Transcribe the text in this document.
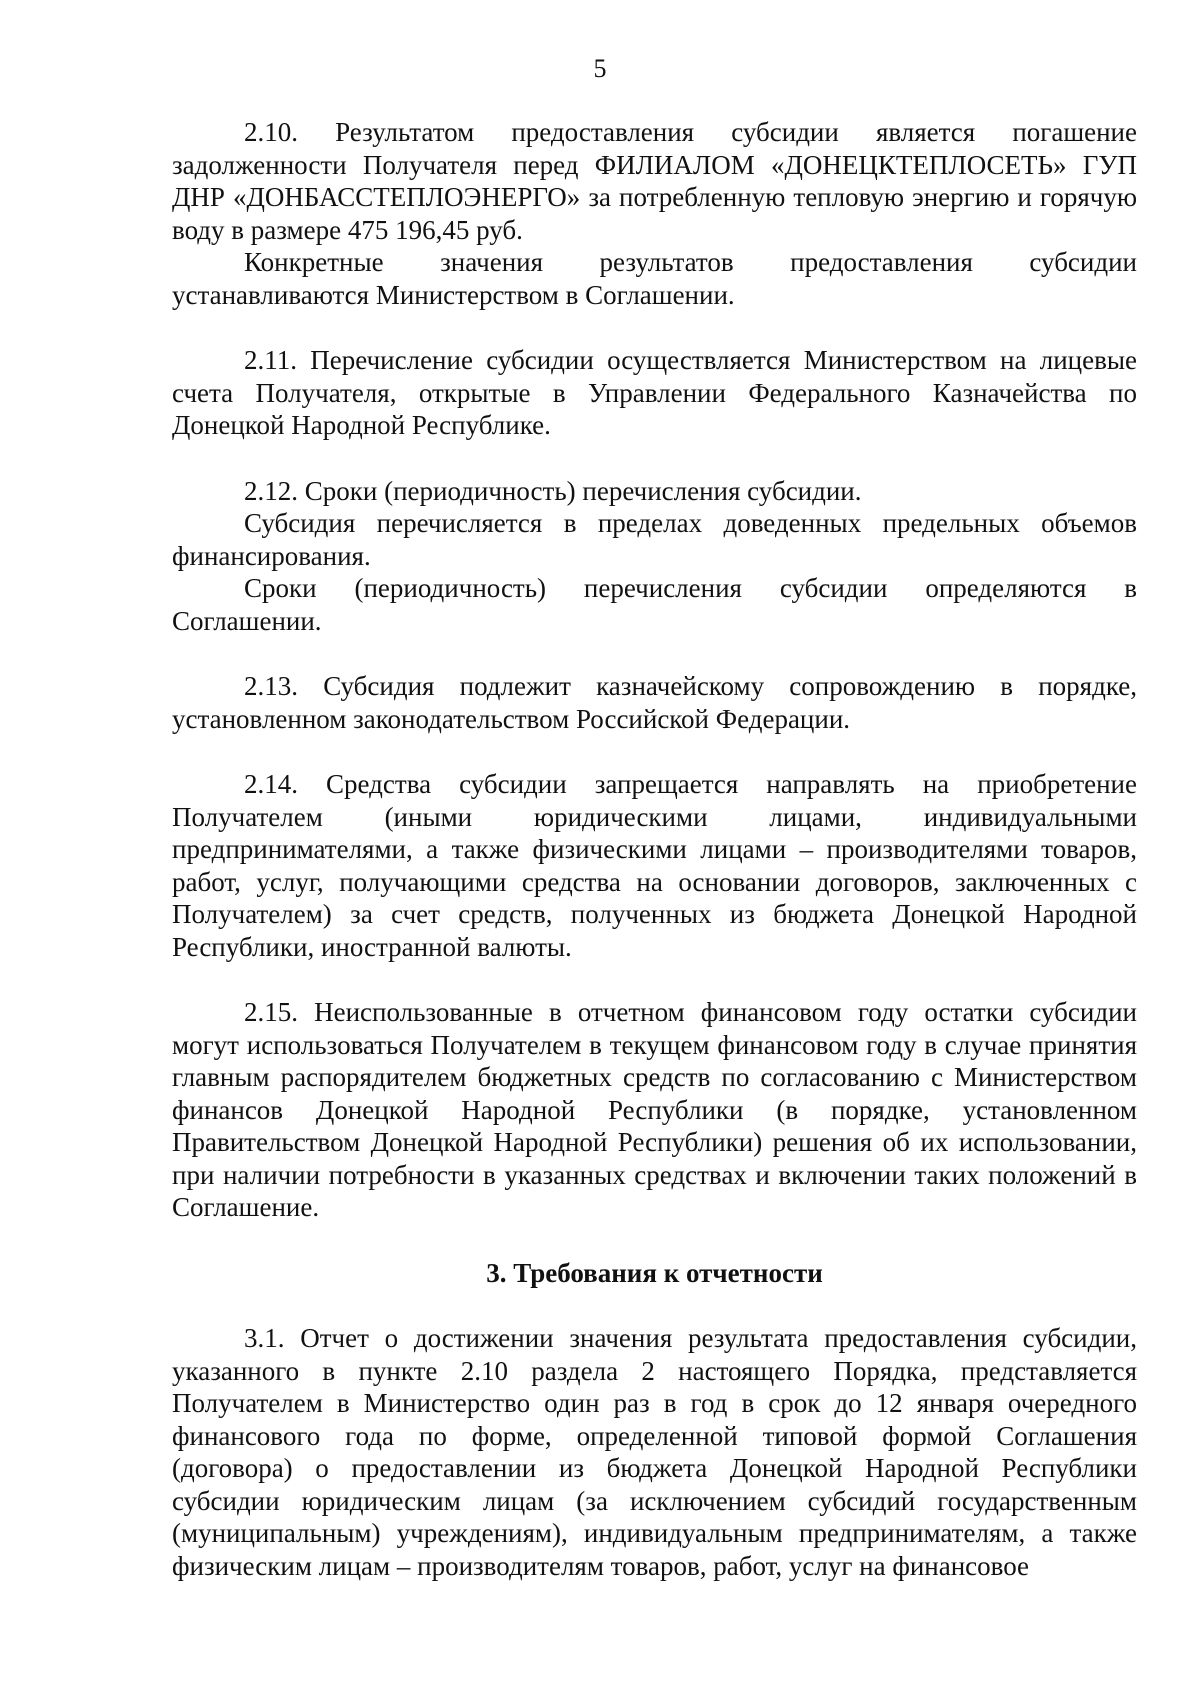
5

2.10. Результатом предоставления субсидии является погашение задолженности Получателя перед ФИЛИАЛОМ «ДОНЕЦКТЕПЛОСЕТЬ» ГУП ДНР «ДОНБАССТЕПЛОЭНЕРГО» за потребленную тепловую энергию и горячую воду в размере 475 196,45 руб.

Конкретные значения результатов предоставления субсидии устанавливаются Министерством в Соглашении.

2.11. Перечисление субсидии осуществляется Министерством на лицевые счета Получателя, открытые в Управлении Федерального Казначейства по Донецкой Народной Республике.

2.12. Сроки (периодичность) перечисления субсидии.

Субсидия перечисляется в пределах доведенных предельных объемов финансирования.

Сроки (периодичность) перечисления субсидии определяются в Соглашении.

2.13. Субсидия подлежит казначейскому сопровождению в порядке, установленном законодательством Российской Федерации.

2.14. Средства субсидии запрещается направлять на приобретение Получателем (иными юридическими лицами, индивидуальными предпринимателями, а также физическими лицами – производителями товаров, работ, услуг, получающими средства на основании договоров, заключенных с Получателем) за счет средств, полученных из бюджета Донецкой Народной Республики, иностранной валюты.

2.15. Неиспользованные в отчетном финансовом году остатки субсидии могут использоваться Получателем в текущем финансовом году в случае принятия главным распорядителем бюджетных средств по согласованию с Министерством финансов Донецкой Народной Республики (в порядке, установленном Правительством Донецкой Народной Республики) решения об их использовании, при наличии потребности в указанных средствах и включении таких положений в Соглашение.

3. Требования к отчетности

3.1. Отчет о достижении значения результата предоставления субсидии, указанного в пункте 2.10 раздела 2 настоящего Порядка, представляется Получателем в Министерство один раз в год в срок до 12 января очередного финансового года по форме, определенной типовой формой Соглашения (договора) о предоставлении из бюджета Донецкой Народной Республики субсидии юридическим лицам (за исключением субсидий государственным (муниципальным) учреждениям), индивидуальным предпринимателям, а также физическим лицам – производителям товаров, работ, услуг на финансовое
